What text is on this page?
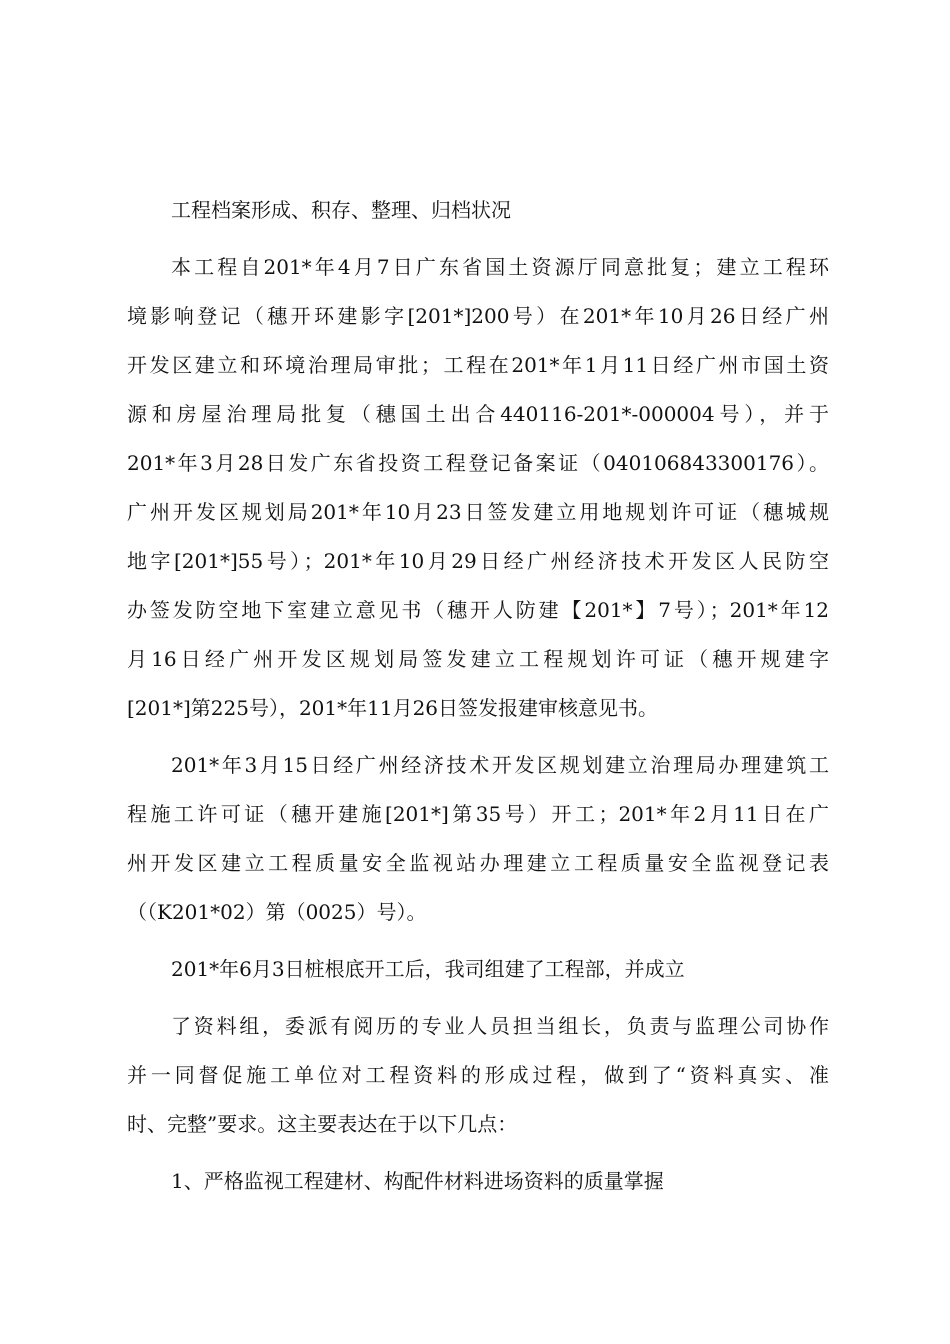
工程档案形成、积存、整理、归档状况
本工程自201*年4月7日广东省国土资源厅同意批复；建立工程环
境影响登记（穗开环建影字[201*]200号）在201*年10月26日经广州
开发区建立和环境治理局审批；工程在201*年1月11日经广州市国土资
源和房屋治理局批复（穗国土出合440116-201*-000004号），并于
201*年3月28日发广东省投资工程登记备案证（040106843300176）。
广州开发区规划局201*年10月23日签发建立用地规划许可证（穗城规
地字[201*]55号）；201*年10月29日经广州经济技术开发区人民防空
办签发防空地下室建立意见书（穗开人防建【201*】7号）；201*年12
月16日经广州开发区规划局签发建立工程规划许可证（穗开规建字
[201*]第225号），201*年11月26日签发报建审核意见书。
201*年3月15日经广州经济技术开发区规划建立治理局办理建筑工
程施工许可证（穗开建施[201*]第35号）开工；201*年2月11日在广
州开发区建立工程质量安全监视站办理建立工程质量安全监视登记表
（（K201*02）第（0025）号）。
201*年6月3日桩根底开工后，我司组建了工程部，并成立
了资料组，委派有阅历的专业人员担当组长，负责与监理公司协作
并一同督促施工单位对工程资料的形成过程，做到了“资料真实、准
时、完整”要求。这主要表达在于以下几点：
1、严格监视工程建材、构配件材料进场资料的质量掌握
